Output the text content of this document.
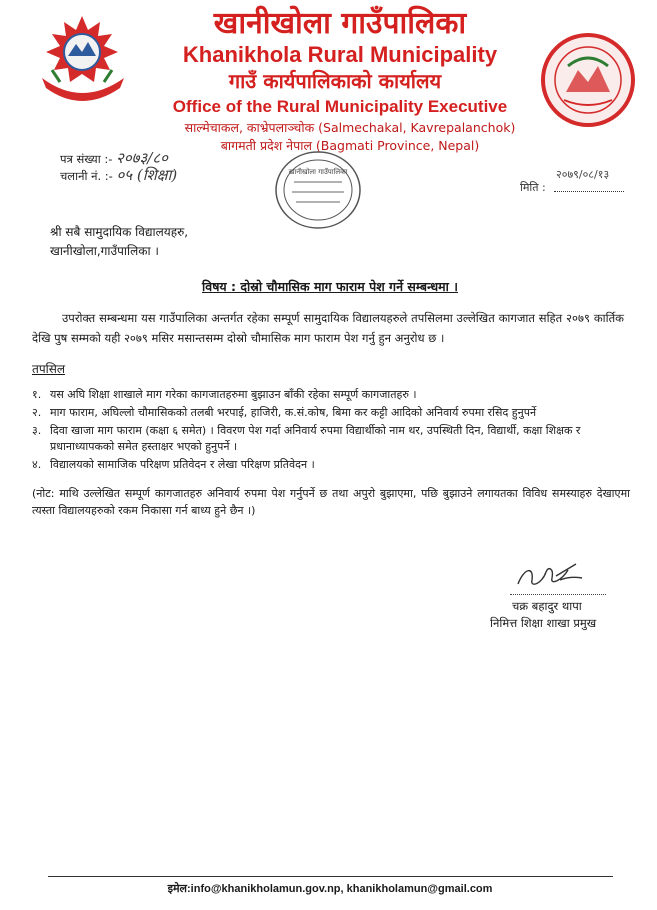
खानीखोला गाउँपालिका
Khanikhola Rural Municipality
गाउँ कार्यपालिकाको कार्यालय
Office of the Rural Municipality Executive
साल्मेचाकल, काभ्रेपलाञ्चोक (Salmechakal, Kavrepalanchok)
बागमती प्रदेश नेपाल (Bagmati Province, Nepal)
पत्र संख्या :- २०७३/८०
चलानी नं. :- ०५ (शिक्षा)	खानीखोला गाउँपालिका	२०७९/०८/१३
मिति :
श्री सबै सामुदायिक विद्यालयहरु,
खानीखोला,गाउँपालिका ।
विषय : दोस्रो चौमासिक माग फाराम पेश गर्ने सम्बन्धमा ।
उपरोक्त सम्बन्धमा यस गाउँपालिका अन्तर्गत रहेका सम्पूर्ण सामुदायिक विद्यालयहरुले तपसिलमा उल्लेखित कागजात सहित २०७९ कार्तिक देखि पुष सम्मको यही २०७९ मसिर मसान्तसम्म दोस्रो चौमासिक माग फाराम पेश गर्नु हुन अनुरोध छ ।
तपसिल
१. यस अघि शिक्षा शाखाले माग गरेका कागजातहरुमा बुझाउन बाँकी रहेका सम्पूर्ण कागजातहरु ।
२. माग फाराम, अघिल्लो चौमासिकको तलबी भरपाई, हाजिरी, क.सं.कोष, बिमा कर कट्टी आदिको अनिवार्य रुपमा रसिद हुनुपर्ने
३. दिवा खाजा माग फाराम (कक्षा ६ समेत) । विवरण पेश गर्दा अनिवार्य रुपमा विद्यार्थीको नाम थर, उपस्थिती दिन, विद्यार्थी, कक्षा शिक्षक र प्रधानाध्यापकको समेत हस्ताक्षर भएको हुनुपर्ने ।
४. विद्यालयको सामाजिक परिक्षण प्रतिवेदन र लेखा परिक्षण प्रतिवेदन ।
(नोट: माथि उल्लेखित सम्पूर्ण कागजातहरु अनिवार्य रुपमा पेश गर्नुपर्ने छ तथा अपुरो बुझाएमा, पछि बुझाउने लगायतका विविध समस्याहरु देखाएमा त्यस्ता विद्यालयहरुको रकम निकासा गर्न बाध्य हुने छैन ।)
चक्र बहादुर थापा
निमित्त शिक्षा शाखा प्रमुख
इमेल:info@khanikholamun.gov.np, khanikholamun@gmail.com
